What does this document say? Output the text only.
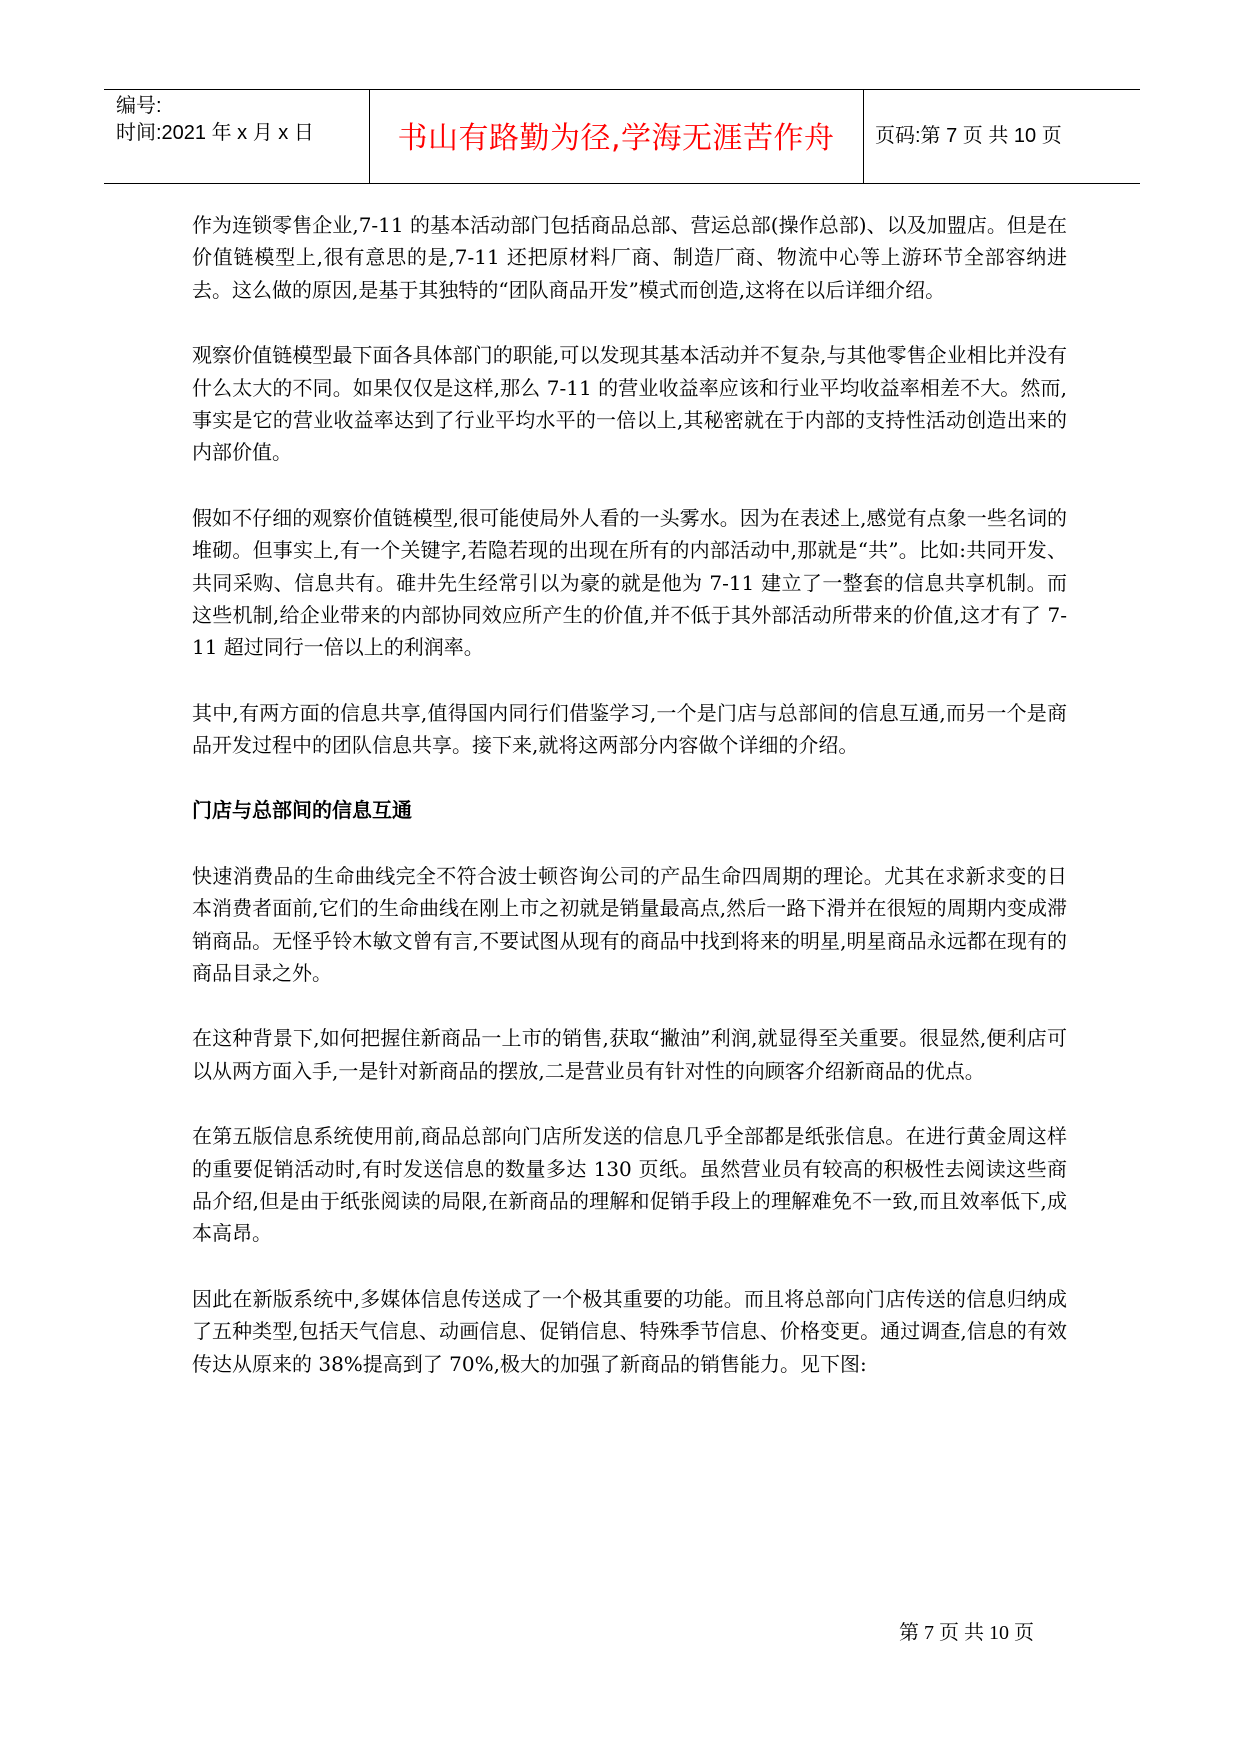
编号:
时间:2021 年 x 月 x 日	书山有路勤为径,学海无涯苦作舟	页码:第 7 页 共 10 页

作为连锁零售企业,7-11 的基本活动部门包括商品总部、营运总部(操作总部)、以及加盟店。但是在价值链模型上,很有意思的是,7-11 还把原材料厂商、制造厂商、物流中心等上游环节全部容纳进去。这么做的原因,是基于其独特的“团队商品开发”模式而创造,这将在以后详细介绍。

观察价值链模型最下面各具体部门的职能,可以发现其基本活动并不复杂,与其他零售企业相比并没有什么太大的不同。如果仅仅是这样,那么 7-11 的营业收益率应该和行业平均收益率相差不大。然而,事实是它的营业收益率达到了行业平均水平的一倍以上,其秘密就在于内部的支持性活动创造出来的内部价值。

假如不仔细的观察价值链模型,很可能使局外人看的一头雾水。因为在表述上,感觉有点象一些名词的堆砌。但事实上,有一个关键字,若隐若现的出现在所有的内部活动中,那就是“共”。比如:共同开发、共同采购、信息共有。碓井先生经常引以为豪的就是他为 7-11 建立了一整套的信息共享机制。而这些机制,给企业带来的内部协同效应所产生的价值,并不低于其外部活动所带来的价值,这才有了 7-11 超过同行一倍以上的利润率。

其中,有两方面的信息共享,值得国内同行们借鉴学习,一个是门店与总部间的信息互通,而另一个是商品开发过程中的团队信息共享。接下来,就将这两部分内容做个详细的介绍。

门店与总部间的信息互通

快速消费品的生命曲线完全不符合波士顿咨询公司的产品生命四周期的理论。尤其在求新求变的日本消费者面前,它们的生命曲线在刚上市之初就是销量最高点,然后一路下滑并在很短的周期内变成滞销商品。无怪乎铃木敏文曾有言,不要试图从现有的商品中找到将来的明星,明星商品永远都在现有的商品目录之外。

在这种背景下,如何把握住新商品一上市的销售,获取“撇油”利润,就显得至关重要。很显然,便利店可以从两方面入手,一是针对新商品的摆放,二是营业员有针对性的向顾客介绍新商品的优点。

在第五版信息系统使用前,商品总部向门店所发送的信息几乎全部都是纸张信息。在进行黄金周这样的重要促销活动时,有时发送信息的数量多达 130 页纸。虽然营业员有较高的积极性去阅读这些商品介绍,但是由于纸张阅读的局限,在新商品的理解和促销手段上的理解难免不一致,而且效率低下,成本高昂。

因此在新版系统中,多媒体信息传送成了一个极其重要的功能。而且将总部向门店传送的信息归纳成了五种类型,包括天气信息、动画信息、促销信息、特殊季节信息、价格变更。通过调查,信息的有效传达从原来的 38%提高到了 70%,极大的加强了新商品的销售能力。见下图:

第 7 页 共 10 页
